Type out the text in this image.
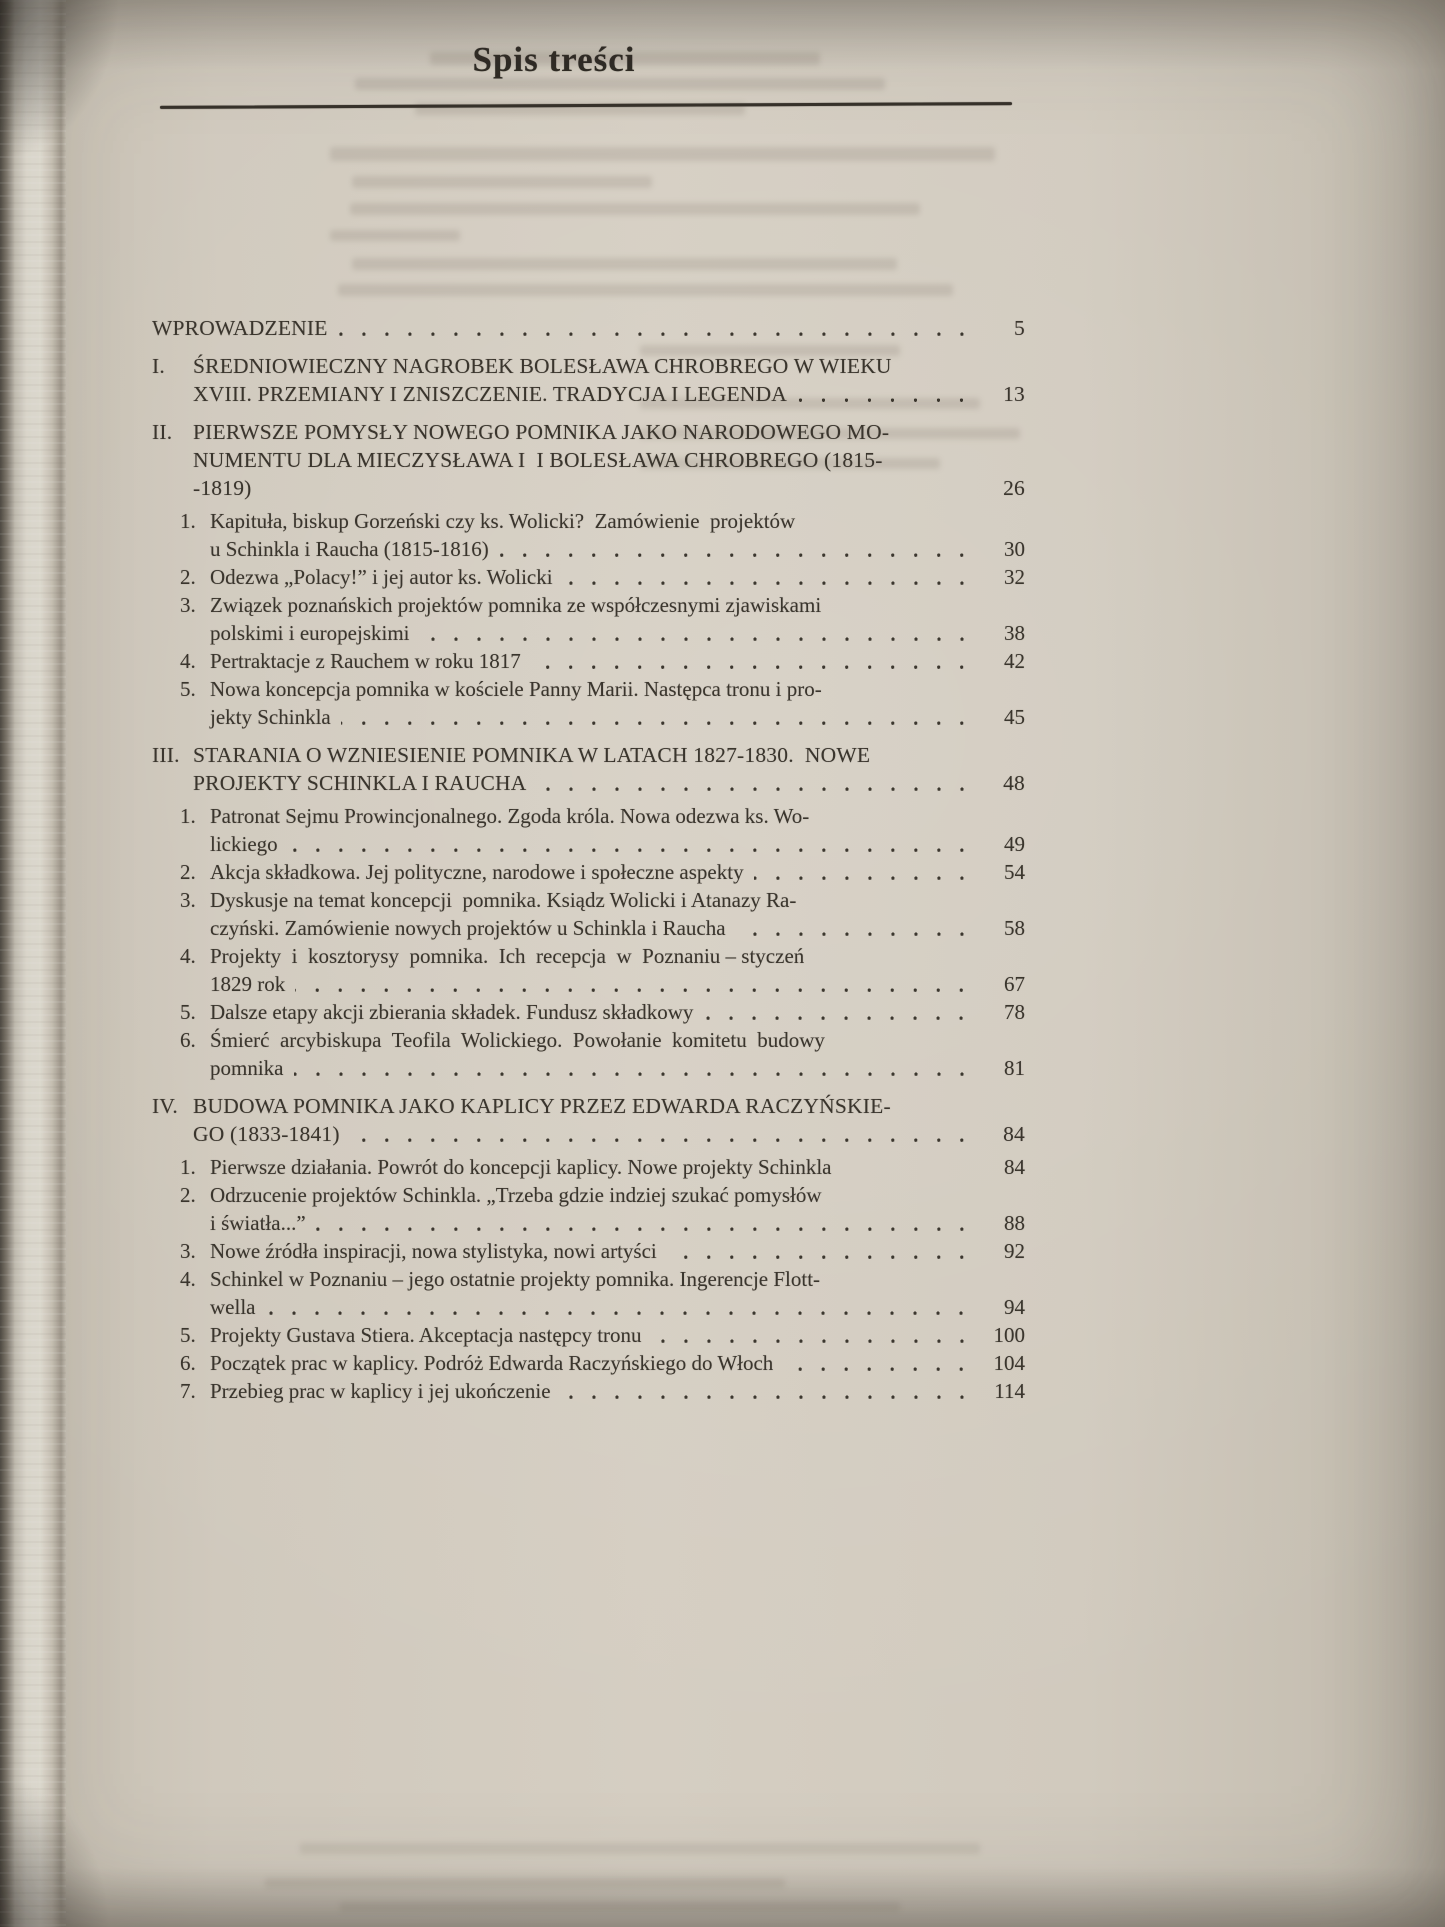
Spis treści
WPROWADZENIE	5
I.	ŚREDNIOWIECZNY NAGROBEK BOLESŁAWA CHROBREGO W WIEKU
XVIII. PRZEMIANY I ZNISZCZENIE. TRADYCJA I LEGENDA	13
II. PIERWSZE POMYSŁY NOWEGO POMNIKA JAKO NARODOWEGO MO-
NUMENTU DLA MIECZYSŁAWA I  I BOLESŁAWA CHROBREGO (1815-
-1819)	26
1. Kapituła, biskup Gorzeński czy ks. Wolicki?  Zamówienie  projektów
u Schinkla i Raucha (1815-1816)	30
2. Odezwa „Polacy!” i jej autor ks. Wolicki	32
3. Związek poznańskich projektów pomnika ze współczesnymi zjawiskami
polskimi i europejskimi	38
4. Pertraktacje z Rauchem w roku 1817	42
5. Nowa koncepcja pomnika w kościele Panny Marii. Następca tronu i pro-
jekty Schinkla	45
III. STARANIA O WZNIESIENIE POMNIKA W LATACH 1827-1830.  NOWE
PROJEKTY SCHINKLA I RAUCHA	48
1. Patronat Sejmu Prowincjonalnego. Zgoda króla. Nowa odezwa ks. Wo-
lickiego	49
2. Akcja składkowa. Jej polityczne, narodowe i społeczne aspekty	54
3. Dyskusje na temat koncepcji  pomnika. Ksiądz Wolicki i Atanazy Ra-
czyński. Zamówienie nowych projektów u Schinkla i Raucha	58
4. Projekty  i  kosztorysy  pomnika.  Ich  recepcja  w  Poznaniu – styczeń
1829 rok	67
5. Dalsze etapy akcji zbierania składek. Fundusz składkowy	78
6. Śmierć  arcybiskupa  Teofila  Wolickiego.  Powołanie  komitetu  budowy
pomnika	81
IV. BUDOWA POMNIKA JAKO KAPLICY PRZEZ EDWARDA RACZYŃSKIE-
GO (1833-1841)	84
1. Pierwsze działania. Powrót do koncepcji kaplicy. Nowe projekty Schinkla	84
2. Odrzucenie projektów Schinkla. „Trzeba gdzie indziej szukać pomysłów
i światła...”	88
3. Nowe źródła inspiracji, nowa stylistyka, nowi artyści	92
4. Schinkel w Poznaniu – jego ostatnie projekty pomnika. Ingerencje Flott-
wella	94
5. Projekty Gustava Stiera. Akceptacja następcy tronu	100
6. Początek prac w kaplicy. Podróż Edwarda Raczyńskiego do Włoch	104
7. Przebieg prac w kaplicy i jej ukończenie	114
